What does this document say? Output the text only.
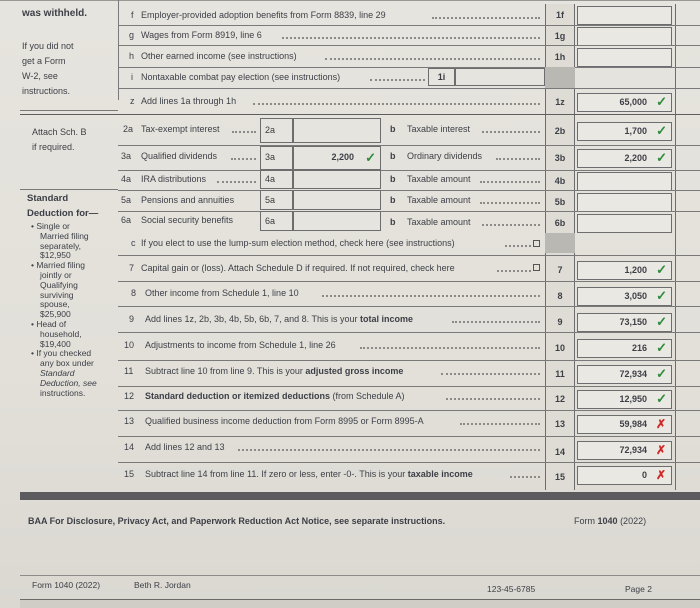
was withheld.
If you did not
get a Form
W-2, see
instructions.
Attach Sch. B
if required.
Standard
Deduction for—
• Single or
Married filing
separately,
$12,950
• Married filing
jointly or
Qualifying
surviving
spouse,
$25,900
• Head of
household,
$19,400
• If you checked
any box under
Standard
Deduction, see
instructions.
f Employer-provided adoption benefits from Form 8839, line 29	1f
g Wages from Form 8919, line 6	1g
h Other earned income (see instructions)	1h
i Nontaxable combat pay election (see instructions)	1i
z Add lines 1a through 1h	1z	65,000 ✓
2a Tax-exempt interest	2a	b Taxable interest	2b	1,700 ✓
3a Qualified dividends	3a	2,200 ✓ b Ordinary dividends	3b	2,200 ✓
4a IRA distributions	4a	b Taxable amount	4b
5a Pensions and annuities	5a	b Taxable amount	5b
6a Social security benefits	6a	b Taxable amount	6b
c If you elect to use the lump-sum election method, check here (see instructions)
7 Capital gain or (loss). Attach Schedule D if required. If not required, check here	7	1,200 ✓
8 Other income from Schedule 1, line 10	8	3,050 ✓
9 Add lines 1z, 2b, 3b, 4b, 5b, 6b, 7, and 8. This is your total income	9	73,150 ✓
10 Adjustments to income from Schedule 1, line 26	10	216 ✓
11 Subtract line 10 from line 9. This is your adjusted gross income	11	72,934 ✓
12 Standard deduction or itemized deductions (from Schedule A)	12	12,950 ✓
13 Qualified business income deduction from Form 8995 or Form 8995-A	13	59,984 ✗
14 Add lines 12 and 13	14	72,934 ✗
15 Subtract line 14 from line 11. If zero or less, enter -0-. This is your taxable income	15	0 ✗
BAA For Disclosure, Privacy Act, and Paperwork Reduction Act Notice, see separate instructions.	Form 1040 (2022)
Form 1040 (2022)	Beth R. Jordan	123-45-6785	Page 2
